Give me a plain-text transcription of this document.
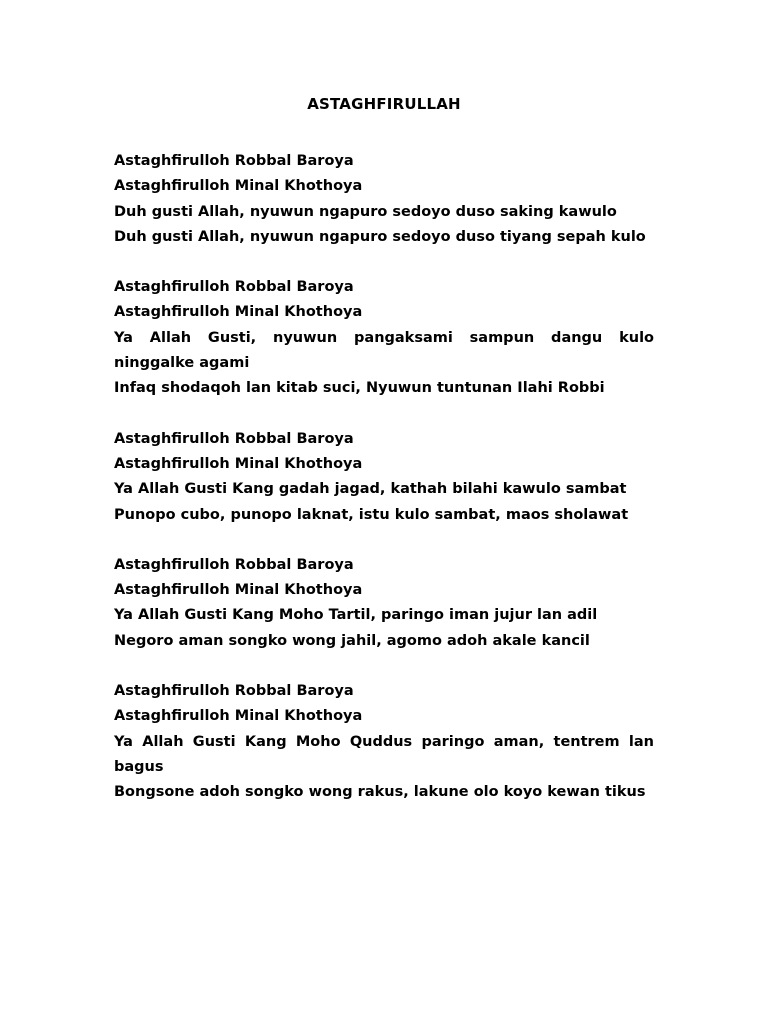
ASTAGHFIRULLAH
Astaghfirulloh Robbal Baroya
Astaghfirulloh Minal Khothoya
Duh gusti Allah, nyuwun ngapuro sedoyo duso saking kawulo
Duh gusti Allah, nyuwun ngapuro sedoyo duso tiyang sepah kulo
Astaghfirulloh Robbal Baroya
Astaghfirulloh Minal Khothoya
Ya Allah Gusti, nyuwun pangaksami sampun dangu kulo ninggalke agami
Infaq shodaqoh lan kitab suci, Nyuwun tuntunan Ilahi Robbi
Astaghfirulloh Robbal Baroya
Astaghfirulloh Minal Khothoya
Ya Allah Gusti Kang gadah jagad, kathah bilahi kawulo sambat
Punopo cubo, punopo laknat, istu kulo sambat, maos sholawat
Astaghfirulloh Robbal Baroya
Astaghfirulloh Minal Khothoya
Ya Allah Gusti Kang Moho Tartil, paringo iman jujur lan adil
Negoro aman songko wong jahil, agomo adoh akale kancil
Astaghfirulloh Robbal Baroya
Astaghfirulloh Minal Khothoya
Ya Allah Gusti Kang Moho Quddus paringo aman, tentrem lan bagus
Bongsone adoh songko wong rakus, lakune olo koyo kewan tikus
